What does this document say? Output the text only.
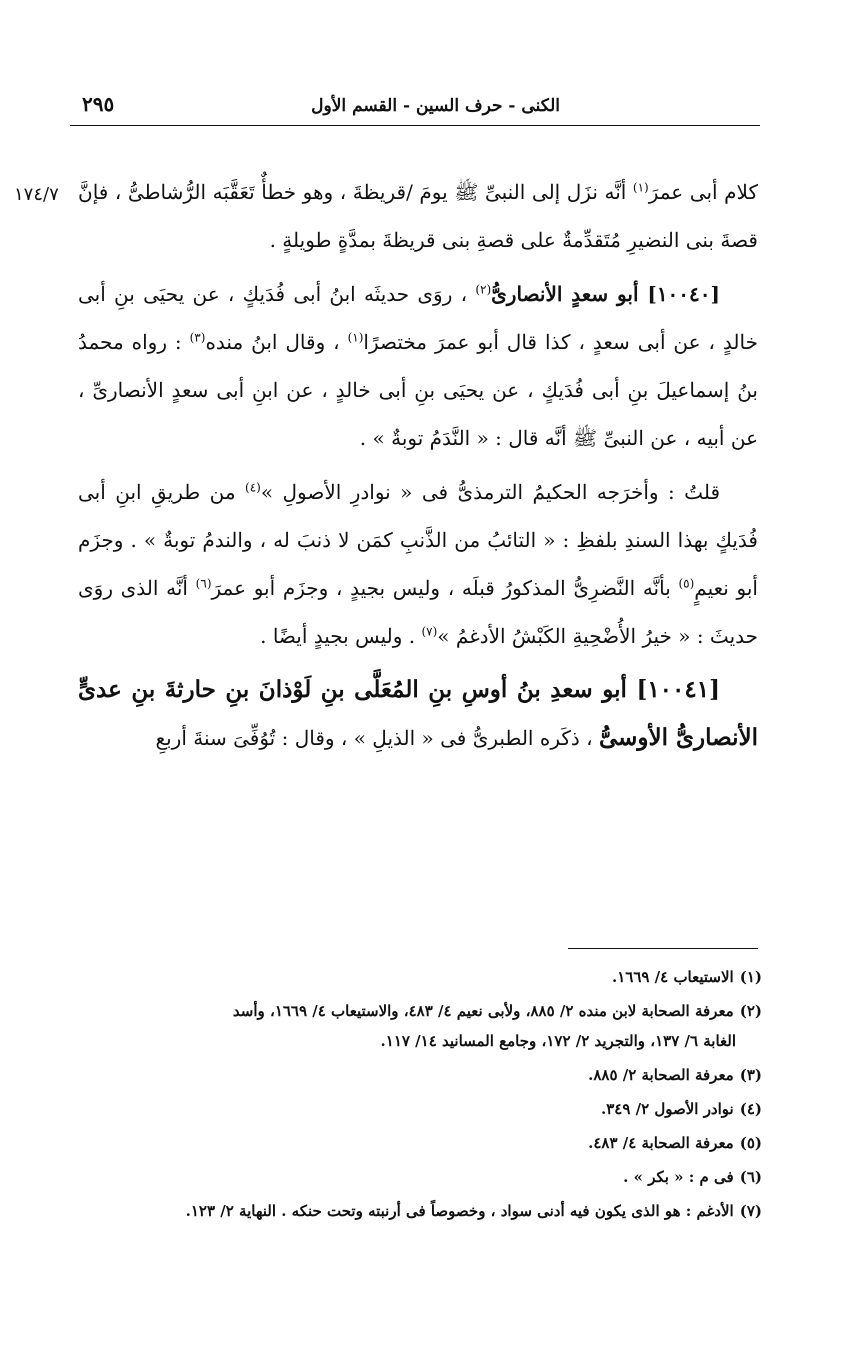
الكنى - حرف السين - القسم الأول
٢٩٥
١٧٤/٧	كلام أبى عمرَ$^{(١)}$ أنَّه نزَل إلى النبىِّ ﷺ يومَ /قريظةَ ، وهو خطأٌ تَعَقَّبَه الرُّشاطىُّ ، فإنَّ قصةَ بنى النضيرِ مُتَقدِّمةٌ على قصةِ بنى قريظةَ بمدَّةٍ طويلةٍ .

[١٠٠٤٠] أبو سعدٍ الأنصارىُّ$^{(٢)}$ ، روَى حديثَه ابنُ أبى فُدَيكٍ ، عن يحيَى بنِ أبى خالدٍ ، عن أبى سعدٍ ، كذا قال أبو عمرَ مختصرًا$^{(١)}$ ، وقال ابنُ منده$^{(٣)}$ : رواه محمدُ بنُ إسماعيلَ بنِ أبى فُدَيكٍ ، عن يحيَى بنِ أبى خالدٍ ، عن ابنِ أبى سعدٍ الأنصارىِّ ، عن أبيه ، عن النبىِّ ﷺ أنَّه قال : « النَّدَمُ توبةٌ » .

قلتُ : وأخرَجه الحكيمُ الترمذىُّ فى « نوادرِ الأصولِ »$^{(٤)}$ من طريقِ ابنِ أبى فُدَيكٍ بهذا السندِ بلفظِ : « التائبُ من الذَّنبِ كمَن لا ذنبَ له ، والندمُ توبةٌ » . وجزَم أبو نعيمٍ$^{(٥)}$ بأنَّه النَّضرِىُّ المذكورُ قبلَه ، وليس بجيدٍ ، وجزَم أبو عمرَ$^{(٦)}$ أنَّه الذى روَى حديثَ : « خيرُ الأُضْحِيةِ الكَبْشُ الأدغمُ »$^{(٧)}$ . وليس بجيدٍ أيضًا .

[١٠٠٤١] أبو سعدِ بنُ أوسِ بنِ المُعَلَّى بنِ لَوْذانَ بنِ حارثةَ بنِ عدىٍّ الأنصارىُّ الأوسىُّ ، ذكَره الطبرىُّ فى « الذيلِ » ، وقال : تُوُفِّىَ سنةَ أربعِ

(١)الاستيعاب ٤/ ١٦٦٩.
(٢)معرفة الصحابة لابن منده ٢/ ٨٨٥، ولأبى نعيم ٤/ ٤٨٣، والاستيعاب ٤/ ١٦٦٩، وأسد
الغابة ٦/ ١٣٧، والتجريد ٢/ ١٧٢، وجامع المسانيد ١٤/ ١١٧.
(٣)معرفة الصحابة ٢/ ٨٨٥.
(٤)نوادر الأصول ٢/ ٣٤٩.
(٥)معرفة الصحابة ٤/ ٤٨٣.
(٦)فى م : « بكر » .
(٧)الأدغم : هو الذى يكون فيه أدنى سواد ، وخصوصاً فى أرنبته وتحت حنكه . النهاية ٢/ ١٢٣.
